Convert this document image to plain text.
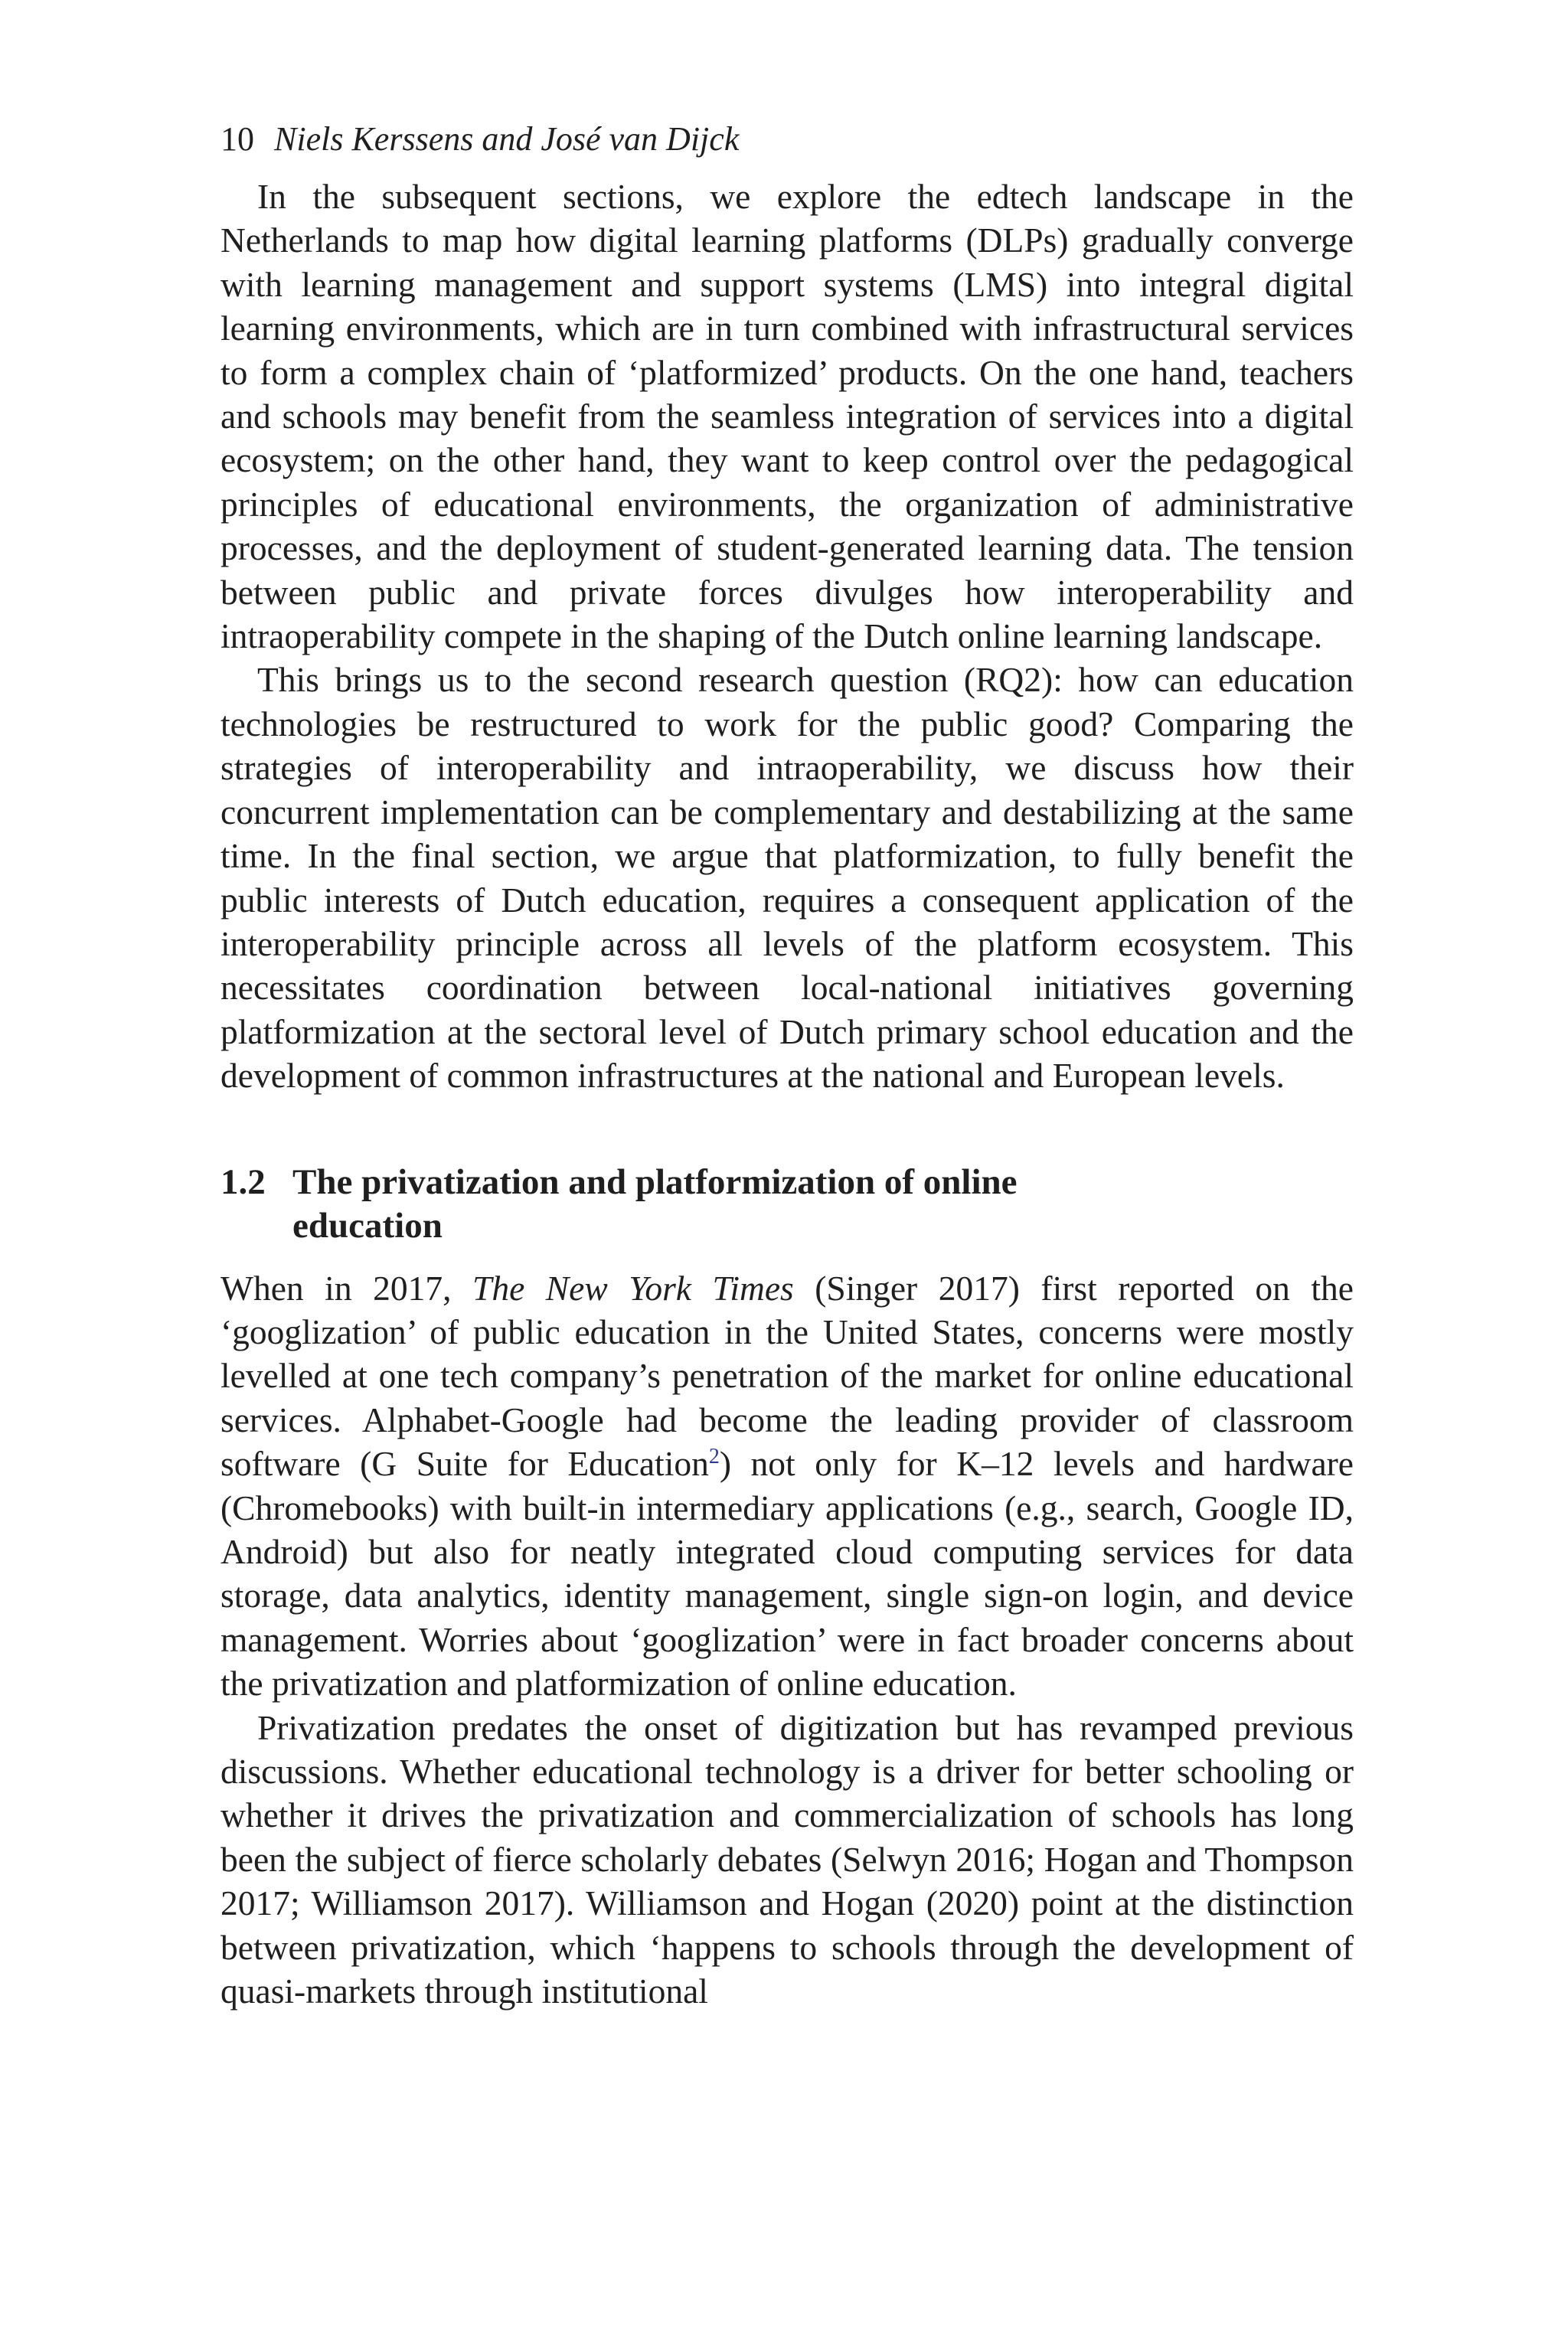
10 Niels Kerssens and José van Dijck

In the subsequent sections, we explore the edtech landscape in the Netherlands to map how digital learning platforms (DLPs) gradually converge with learning management and support systems (LMS) into integral digital learning environments, which are in turn combined with infrastructural services to form a complex chain of ‘platformized’ products. On the one hand, teachers and schools may benefit from the seamless integration of services into a digital ecosystem; on the other hand, they want to keep control over the pedagogical principles of educational environments, the organization of administrative processes, and the deployment of student-generated learning data. The tension between public and private forces divulges how interoperability and intraoperability compete in the shaping of the Dutch online learning landscape.

This brings us to the second research question (RQ2): how can education technologies be restructured to work for the public good? Comparing the strategies of interoperability and intraoperability, we discuss how their concurrent implementation can be complementary and destabilizing at the same time. In the final section, we argue that platformization, to fully benefit the public interests of Dutch education, requires a consequent application of the interoperability principle across all levels of the platform ecosystem. This necessitates coordination between local-national initiatives governing platformization at the sectoral level of Dutch primary school education and the development of common infrastructures at the national and European levels.

1.2 The privatization and platformization of online education

When in 2017, The New York Times (Singer 2017) first reported on the ‘googlization’ of public education in the United States, concerns were mostly levelled at one tech company’s penetration of the market for online educational services. Alphabet-Google had become the leading provider of classroom software (G Suite for Education$^2$) not only for K–12 levels and hardware (Chromebooks) with built-in intermediary applications (e.g., search, Google ID, Android) but also for neatly integrated cloud computing services for data storage, data analytics, identity management, single sign-on login, and device management. Worries about ‘googlization’ were in fact broader concerns about the privatization and platformization of online education.

Privatization predates the onset of digitization but has revamped previous discussions. Whether educational technology is a driver for better schooling or whether it drives the privatization and commercialization of schools has long been the subject of fierce scholarly debates (Selwyn 2016; Hogan and Thompson 2017; Williamson 2017). Williamson and Hogan (2020) point at the distinction between privatization, which ‘happens to schools through the development of quasi-markets through institutional
